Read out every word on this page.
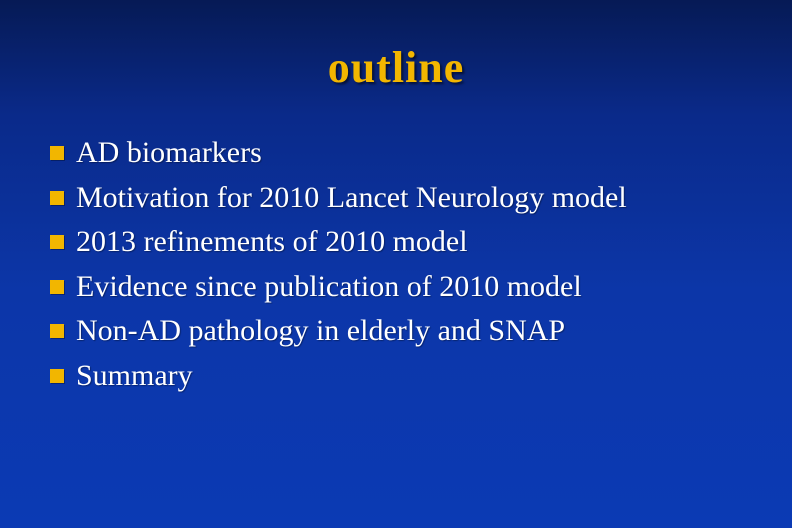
outline
AD biomarkers
Motivation for 2010 Lancet Neurology model
2013 refinements of 2010 model
Evidence since publication of 2010 model
Non-AD pathology in elderly and SNAP
Summary
